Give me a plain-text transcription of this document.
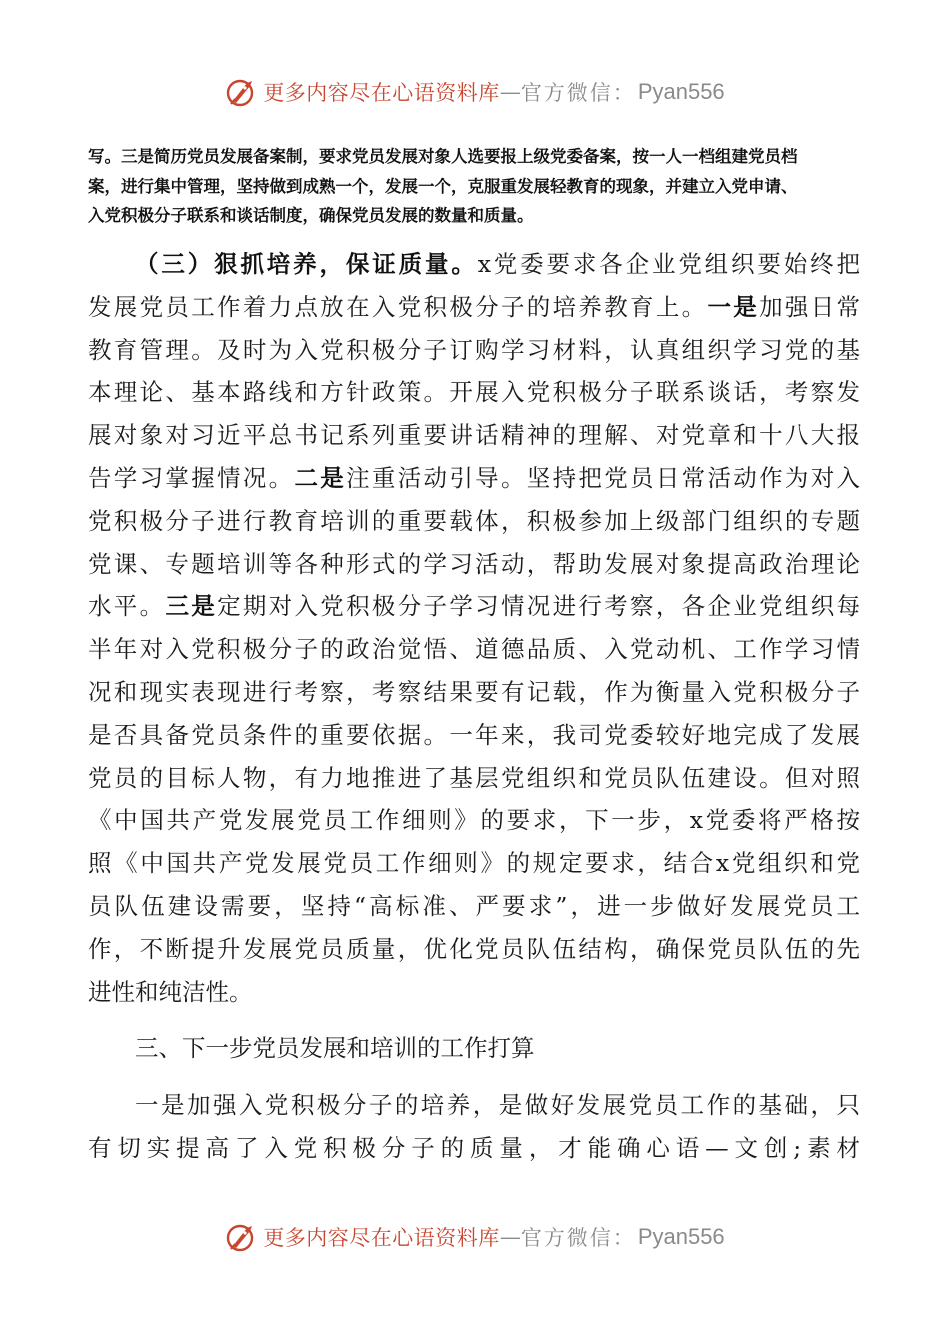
更多内容尽在心语资料库 — 官方微信： Pyan556

写。三是简历党员发展备案制，要求党员发展对象人选要报上级党委备案，按一人一档组建党员档

案，进行集中管理，坚持做到成熟一个，发展一个，克服重发展轻教育的现象，并建立入党申请、

入党积极分子联系和谈话制度，确保党员发展的数量和质量。

（三）狠抓培养，保证质量。x党委要求各企业党组织要始终把
发展党员工作着力点放在入党积极分子的培养教育上。一是加强日常
教育管理。及时为入党积极分子订购学习材料，认真组织学习党的基
本理论、基本路线和方针政策。开展入党积极分子联系谈话，考察发
展对象对习近平总书记系列重要讲话精神的理解、对党章和十八大报
告学习掌握情况。二是注重活动引导。坚持把党员日常活动作为对入
党积极分子进行教育培训的重要载体，积极参加上级部门组织的专题
党课、专题培训等各种形式的学习活动，帮助发展对象提高政治理论
水平。三是定期对入党积极分子学习情况进行考察，各企业党组织每
半年对入党积极分子的政治觉悟、道德品质、入党动机、工作学习情
况和现实表现进行考察，考察结果要有记载，作为衡量入党积极分子
是否具备党员条件的重要依据。一年来，我司党委较好地完成了发展
党员的目标人物，有力地推进了基层党组织和党员队伍建设。但对照
《中国共产党发展党员工作细则》的要求，下一步，x党委将严格按
照《中国共产党发展党员工作细则》的规定要求，结合x党组织和党
员队伍建设需要，坚持“高标准、严要求”，进一步做好发展党员工
作，不断提升发展党员质量，优化党员队伍结构，确保党员队伍的先
进性和纯洁性。
三、下一步党员发展和培训的工作打算
一是加强入党积极分子的培养，是做好发展党员工作的基础，只
有切实提高了入党积极分子的质量，才能确心语—文创;素材
更多内容尽在心语资料库 — 官方微信： Pyan556
